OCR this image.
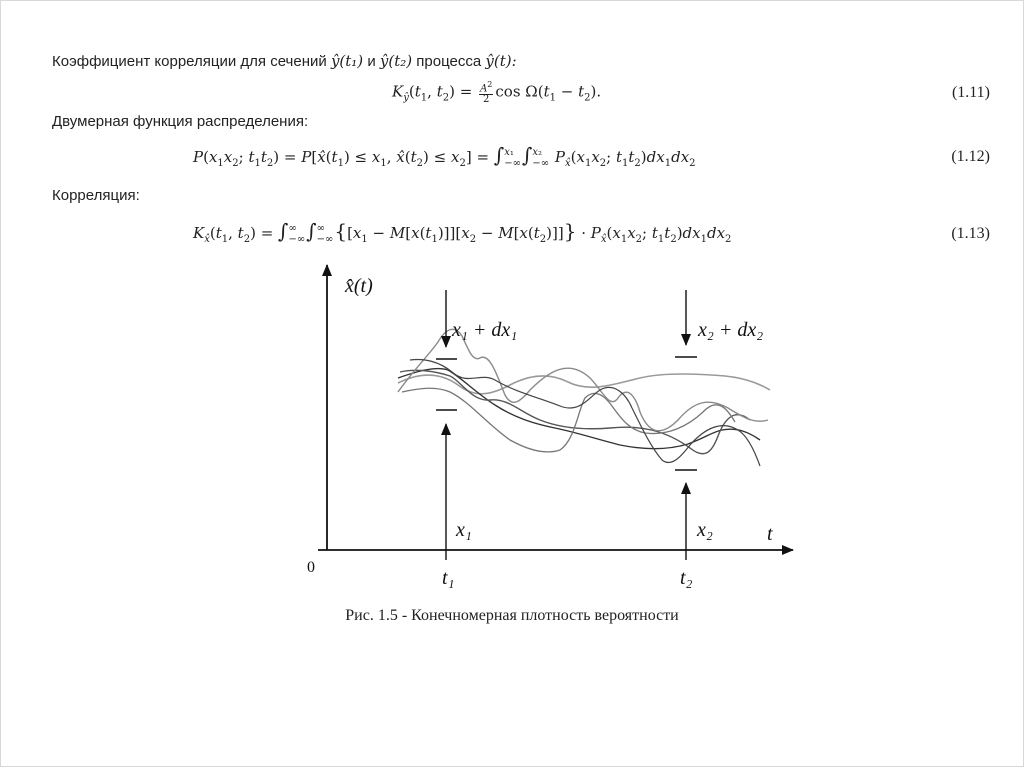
Коэффициент корреляции для сечений ŷ(t₁) и ŷ(t₂) процесса ŷ(t):
$K_ŷ(t_1$, $t_2) = \frac{A^2}{2}$ $\cos \Omega(t_1 - t_2)$.	(1.11)
Двумерная функция распределения:
$P(x_1x_2$; $t_1t_2$) = $P[x̂(t_1) \le x_1$, $x̂(t_2) \le x_2$] = ∫ x₁
−∞ ∫ x₂
−∞ $P_{x̂}(x_1x_2$; $t_1t_2)dx_1dx_2$	(1.12)
Корреляция:
$K_{x̂}(t_1$, $t_2$) = ∫ ∞
−∞ ∫ ∞
−∞ $\{[x_1 - M[x(t_1)]][x_2 - M[x(t_2)]]\} \cdot P_{x̂}(x_1x_2$; $t_1t_2)dx_1dx_2$	(1.13)
x̂(t)
t
0	t₁	t₂
x₁	x₂
x₁ + dx₁	x₂ + dx₂
Рис. 1.5 - Конечномерная плотность вероятности
